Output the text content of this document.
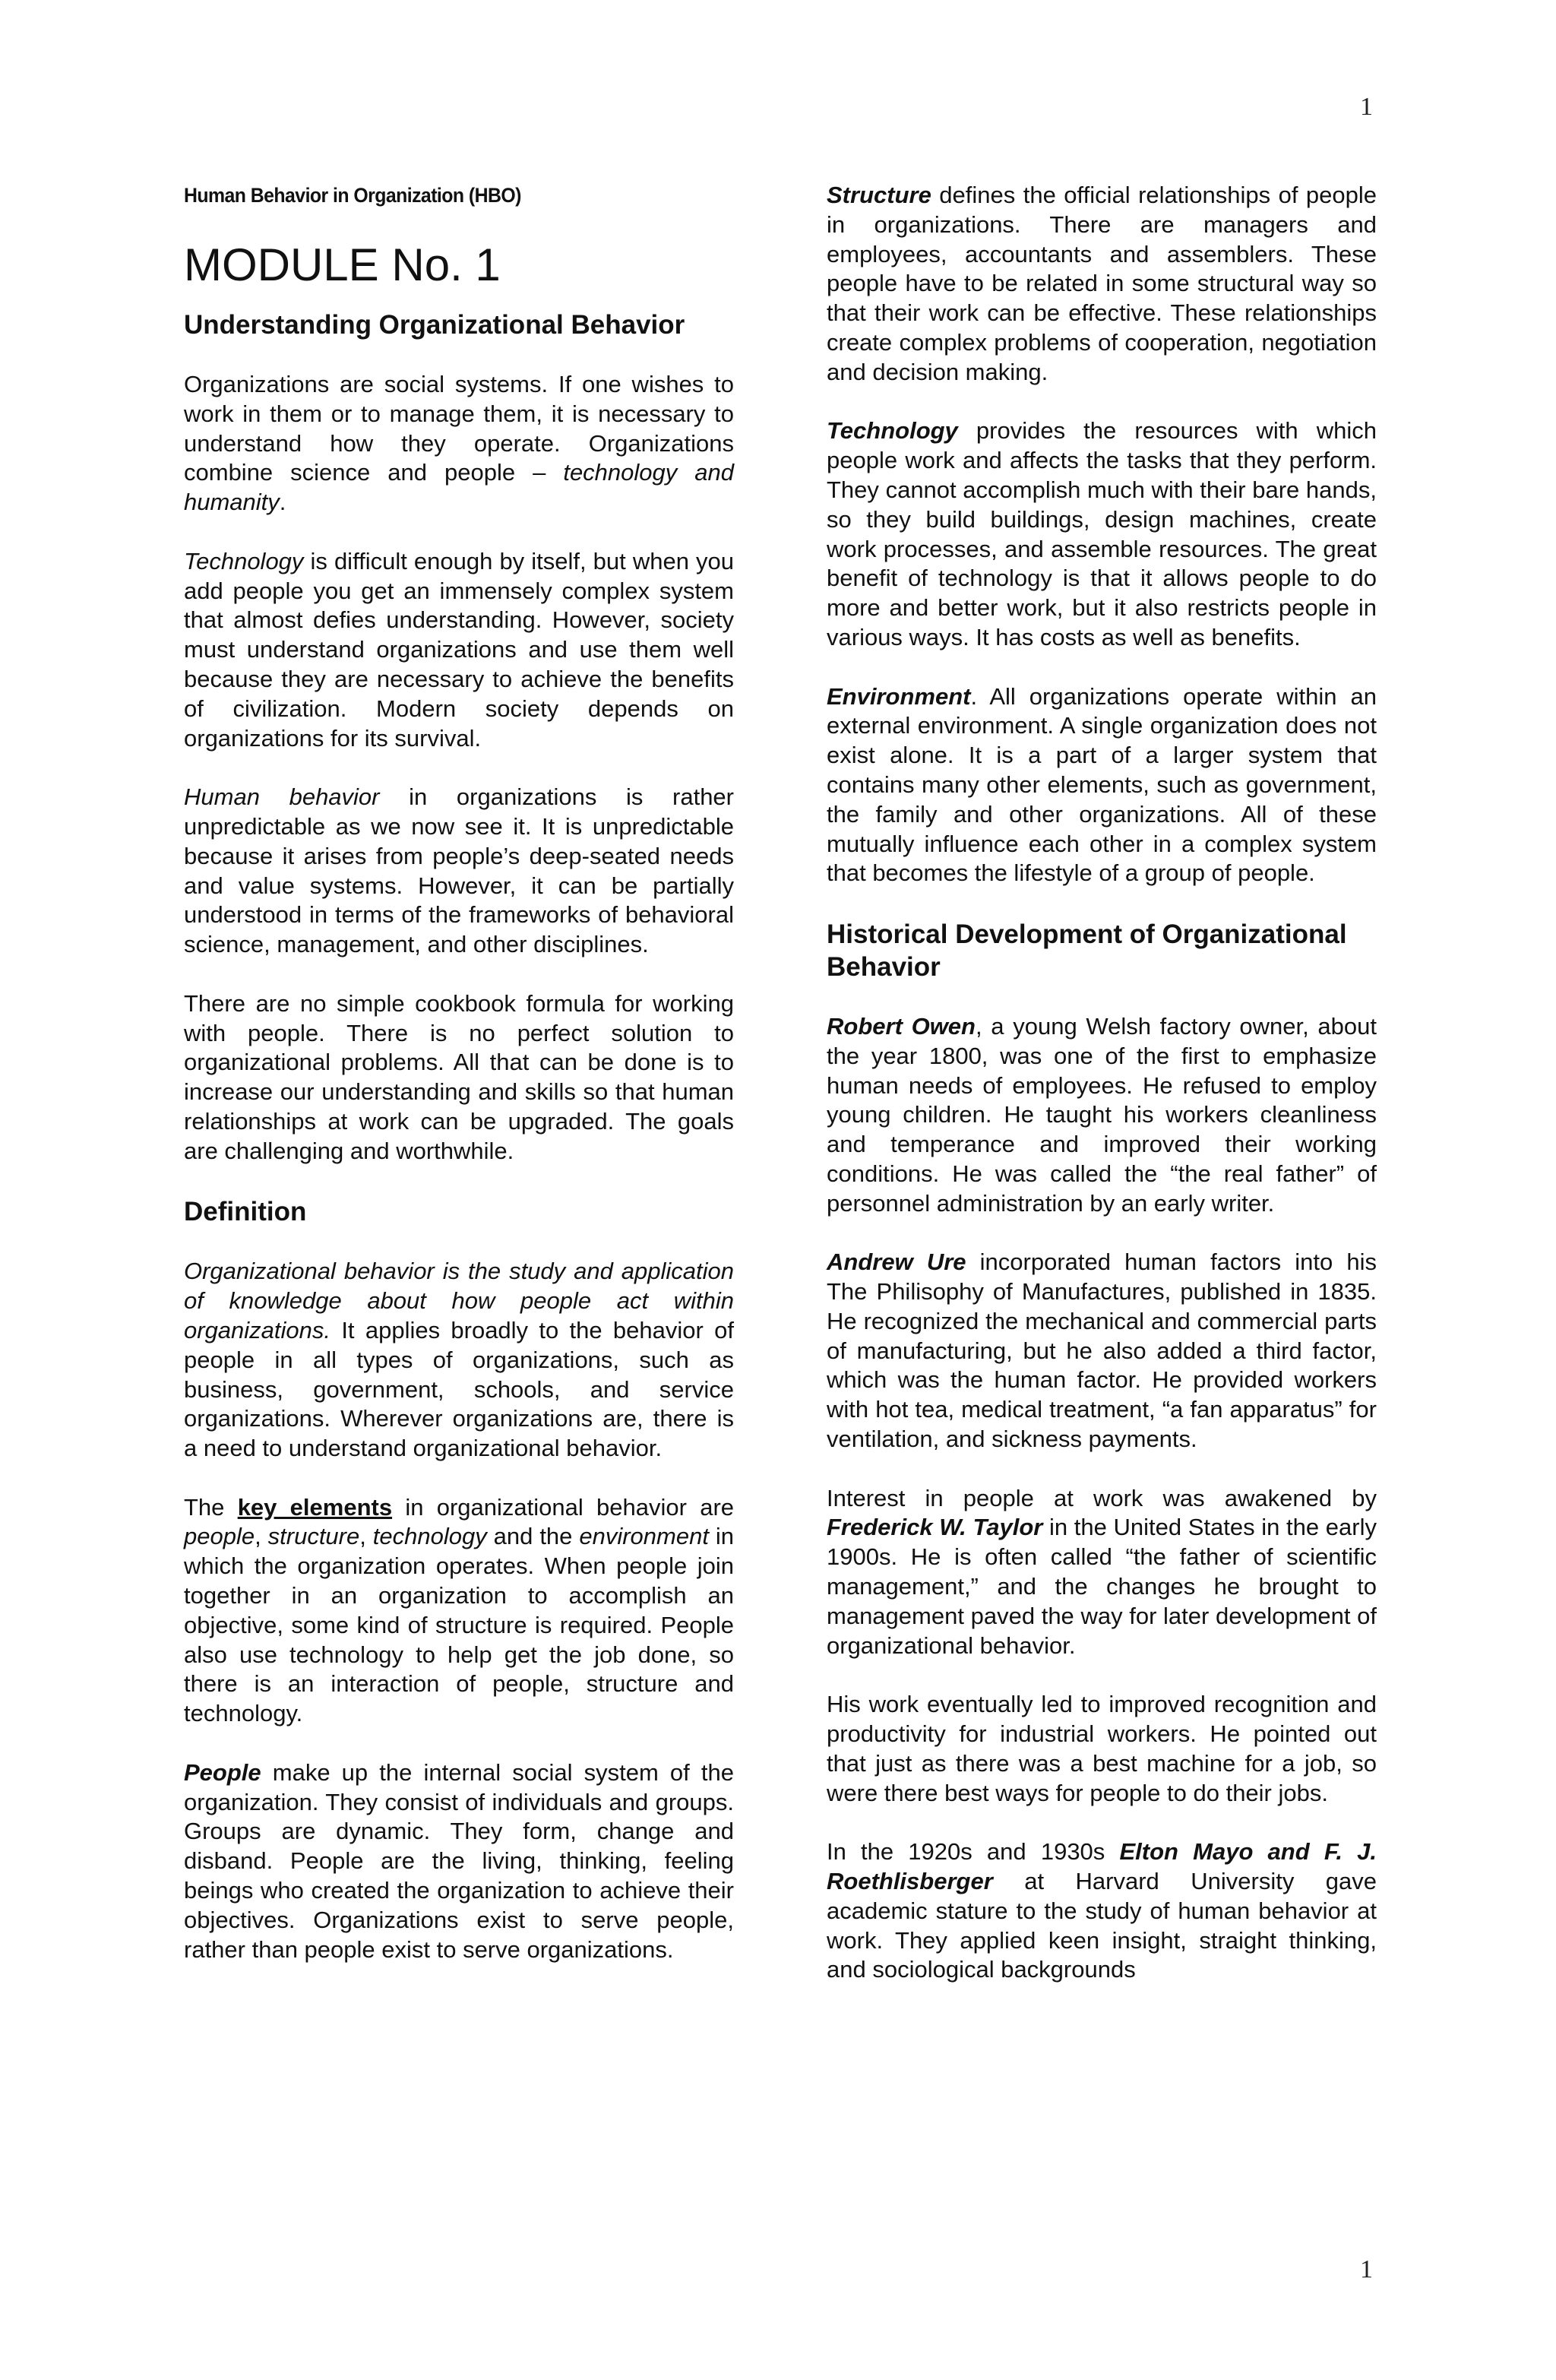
1
Human Behavior in Organization (HBO)
MODULE No. 1
Understanding Organizational Behavior

Organizations are social systems. If one wishes to work in them or to manage them, it is necessary to understand how they operate. Organizations combine science and people – technology and humanity.

Technology is difficult enough by itself, but when you add people you get an immensely complex system that almost defies understanding. However, society must understand organizations and use them well because they are necessary to achieve the benefits of civilization. Modern society depends on organizations for its survival.

Human behavior in organizations is rather unpredictable as we now see it. It is unpredictable because it arises from people’s deep-seated needs and value systems. However, it can be partially understood in terms of the frameworks of behavioral science, management, and other disciplines.

There are no simple cookbook formula for working with people. There is no perfect solution to organizational problems. All that can be done is to increase our understanding and skills so that human relationships at work can be upgraded. The goals are challenging and worthwhile.

Definition

Organizational behavior is the study and application of knowledge about how people act within organizations. It applies broadly to the behavior of people in all types of organizations, such as business, government, schools, and service organizations. Wherever organizations are, there is a need to understand organizational behavior.

The key elements in organizational behavior are people, structure, technology and the environment in which the organization operates. When people join together in an organization to accomplish an objective, some kind of structure is required. People also use technology to help get the job done, so there is an interaction of people, structure and technology.

People make up the internal social system of the organization. They consist of individuals and groups. Groups are dynamic. They form, change and disband. People are the living, thinking, feeling beings who created the organization to achieve their objectives. Organizations exist to serve people, rather than people exist to serve organizations.

Structure defines the official relationships of people in organizations. There are managers and employees, accountants and assemblers. These people have to be related in some structural way so that their work can be effective. These relationships create complex problems of cooperation, negotiation and decision making.

Technology provides the resources with which people work and affects the tasks that they perform. They cannot accomplish much with their bare hands, so they build buildings, design machines, create work processes, and assemble resources. The great benefit of technology is that it allows people to do more and better work, but it also restricts people in various ways. It has costs as well as benefits.

Environment. All organizations operate within an external environment. A single organization does not exist alone. It is a part of a larger system that contains many other elements, such as government, the family and other organizations. All of these mutually influence each other in a complex system that becomes the lifestyle of a group of people.

Historical Development of Organizational Behavior

Robert Owen, a young Welsh factory owner, about the year 1800, was one of the first to emphasize human needs of employees. He refused to employ young children. He taught his workers cleanliness and temperance and improved their working conditions. He was called the “the real father” of personnel administration by an early writer.

Andrew Ure incorporated human factors into his The Philisophy of Manufactures, published in 1835. He recognized the mechanical and commercial parts of manufacturing, but he also added a third factor, which was the human factor. He provided workers with hot tea, medical treatment, “a fan apparatus” for ventilation, and sickness payments.

Interest in people at work was awakened by Frederick W. Taylor in the United States in the early 1900s. He is often called “the father of scientific management,” and the changes he brought to management paved the way for later development of organizational behavior.

His work eventually led to improved recognition and productivity for industrial workers. He pointed out that just as there was a best machine for a job, so were there best ways for people to do their jobs.

In the 1920s and 1930s Elton Mayo and F. J. Roethlisberger at Harvard University gave academic stature to the study of human behavior at work. They applied keen insight, straight thinking, and sociological backgrounds

1
